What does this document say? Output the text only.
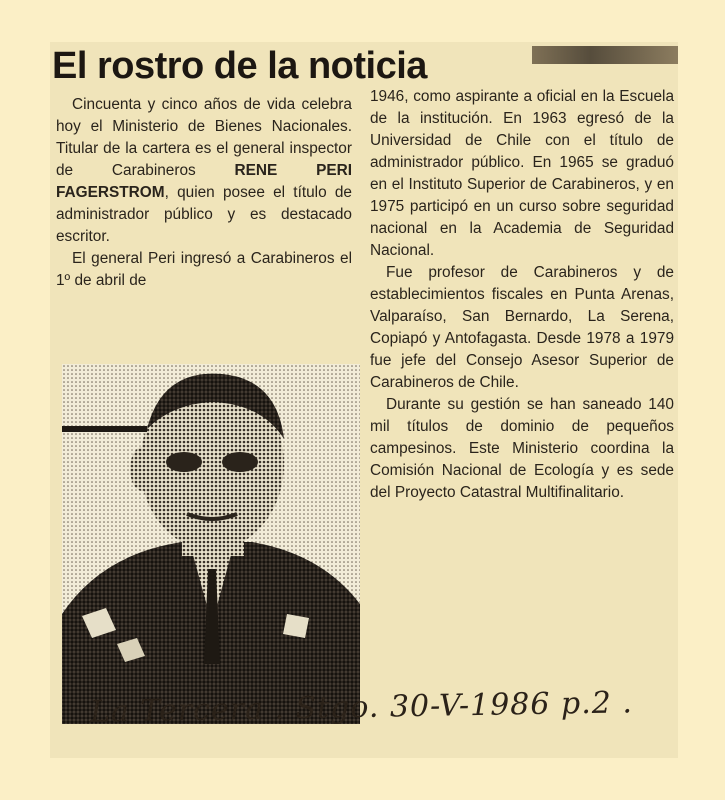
El rostro de la noticia

Cincuenta y cinco años de vida celebra hoy el Ministerio de Bienes Nacionales. Titular de la cartera es el general inspector de Carabineros RENE PERI FAGERSTROM, quien posee el título de administrador público y es destacado escritor.

El general Peri ingresó a Carabineros el 1º de abril de

1946, como aspirante a oficial en la Escuela de la institución. En 1963 egresó de la Universidad de Chile con el título de administrador público. En 1965 se graduó en el Instituto Superior de Carabineros, y en 1975 participó en un curso sobre seguridad nacional en la Academia de Seguridad Nacional.

Fue profesor de Carabineros y de establecimientos fiscales en Punta Arenas, Valparaíso, San Bernardo, La Serena, Copiapó y Antofagasta. Desde 1978 a 1979 fue jefe del Consejo Asesor Superior de Carabineros de Chile.

Durante su gestión se han saneado 140 mil títulos de dominio de pequeños campesinos. Este Ministerio coordina la Comisión Nacional de Ecología y es sede del Proyecto Catastral Multifinalitario.

La Tercera . Stgo. 30-V-1986 p.2 .
